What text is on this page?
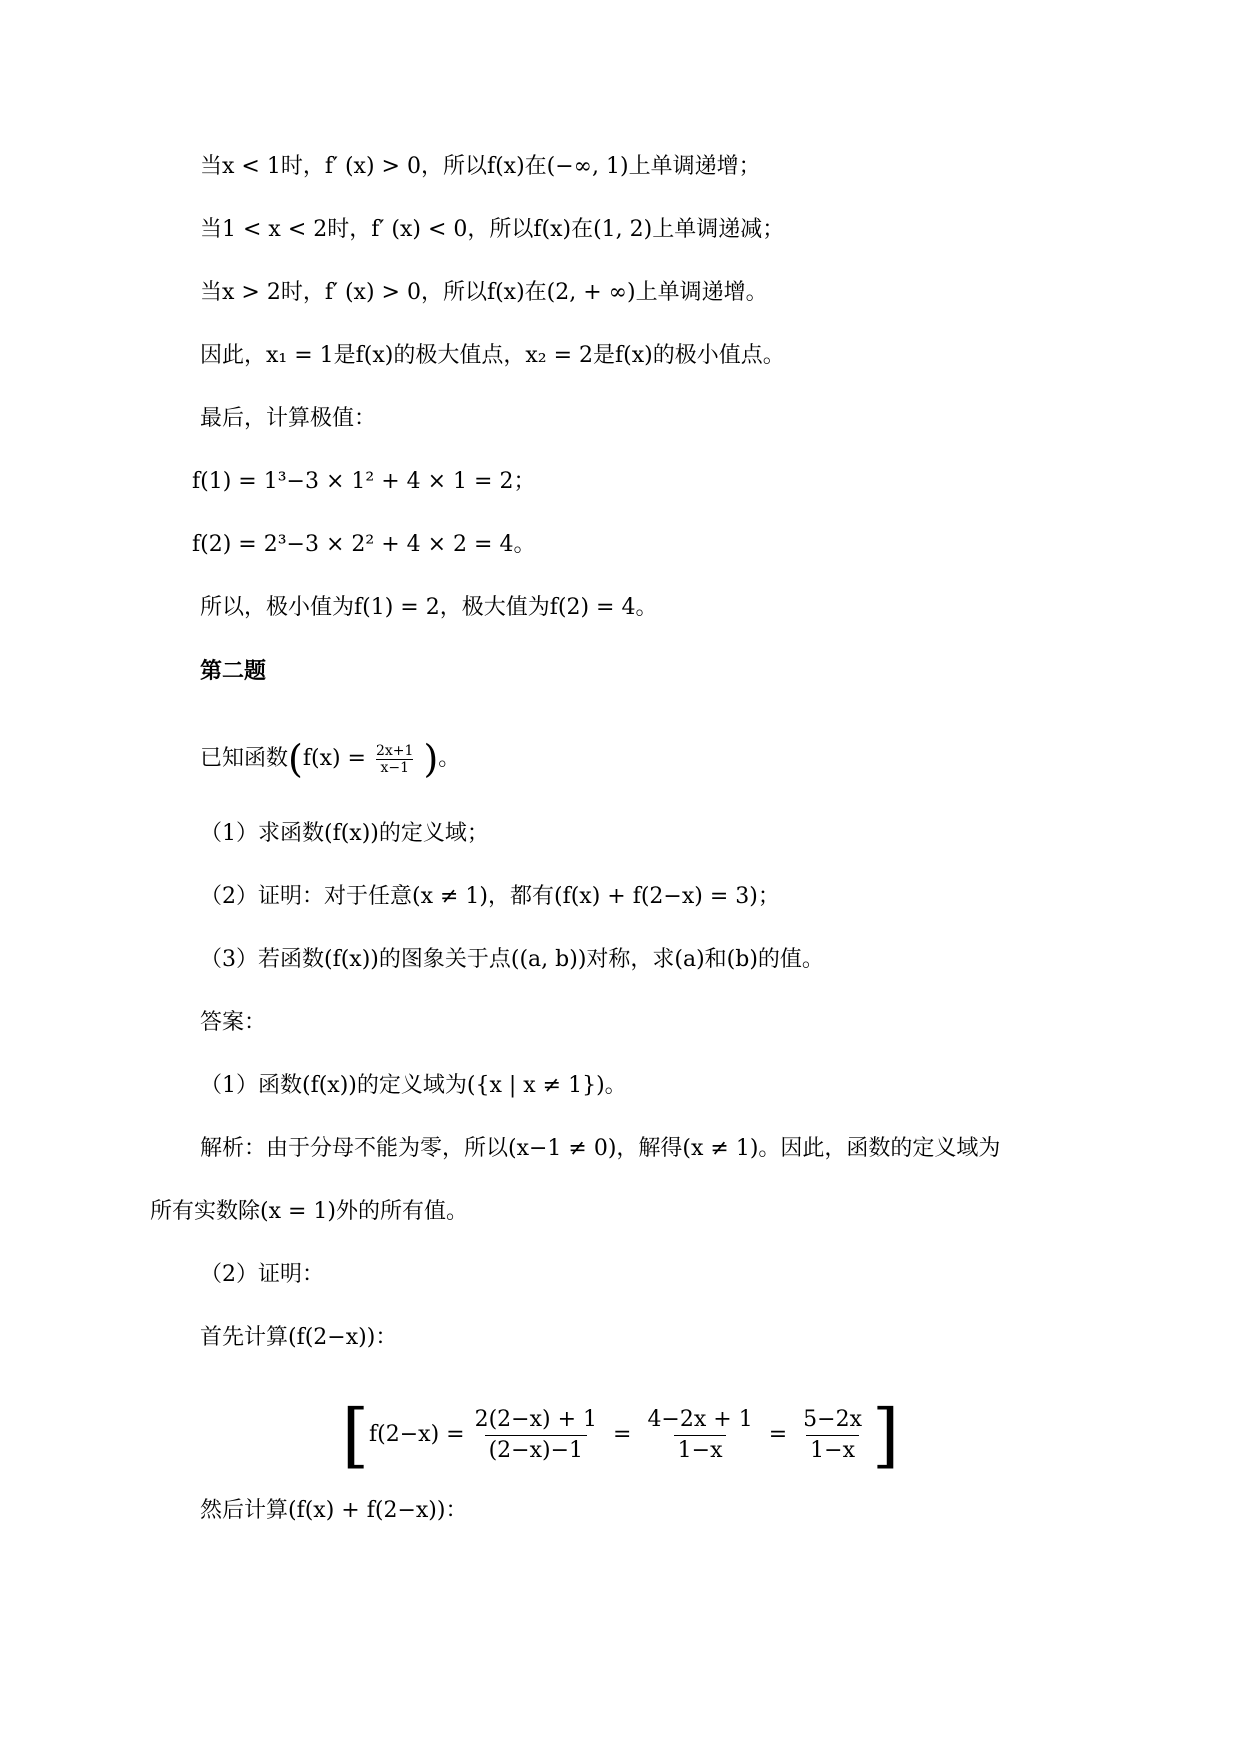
当x < 1时，f′ (x) > 0，所以f(x)在(−∞, 1)上单调递增；
当1 < x < 2时，f′ (x) < 0，所以f(x)在(1, 2)上单调递减；
当x > 2时，f′ (x) > 0，所以f(x)在(2, + ∞)上单调递增。
因此，x₁ = 1是f(x)的极大值点，x₂ = 2是f(x)的极小值点。
最后，计算极值：
f(1) = 1³−3 × 1² + 4 × 1 = 2；
f(2) = 2³−3 × 2² + 4 × 2 = 4。
所以，极小值为f(1) = 2，极大值为f(2) = 4。
第二题
已知函数($f(x) = \frac{2x+1}{x-1}$ )。
（1）求函数(f(x))的定义域；
（2）证明：对于任意(x ≠ 1)，都有(f(x) + f(2−x) = 3)；
（3）若函数(f(x))的图象关于点((a, b))对称，求(a)和(b)的值。
答案：
（1）函数(f(x))的定义域为({x | x ≠ 1})。
解析：由于分母不能为零，所以(x−1 ≠ 0)，解得(x ≠ 1)。因此，函数的定义域为
所有实数除(x = 1)外的所有值。
（2）证明：
首先计算(f(2−x))：
[$f(2-x) = \frac{2(2-x) + 1}{(2-x)-1} = \frac{4-2x + 1}{1-x} = \frac{5-2x}{1-x}$ ]
然后计算(f(x) + f(2−x))：
